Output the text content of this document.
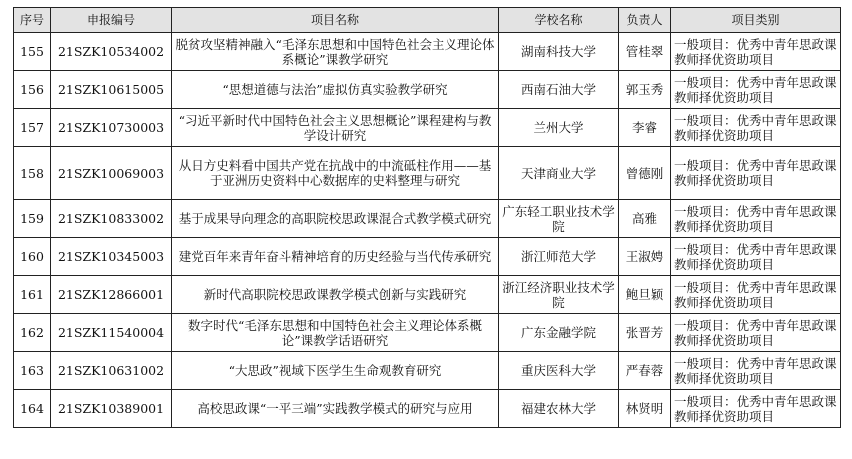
序号	申报编号	项目名称	学校名称	负责人	项目类别
155	21SZK10534002	脱贫攻坚精神融入“毛泽东思想和中国特色社会主义理论体系概论”课教学研究	湖南科技大学	管桂翠	一般项目：优秀中青年思政课教师择优资助项目
156	21SZK10615005	“思想道德与法治”虚拟仿真实验教学研究	西南石油大学	郭玉秀	一般项目：优秀中青年思政课教师择优资助项目
157	21SZK10730003	“习近平新时代中国特色社会主义思想概论”课程建构与教学设计研究	兰州大学	李睿	一般项目：优秀中青年思政课教师择优资助项目
158	21SZK10069003	从日方史料看中国共产党在抗战中的中流砥柱作用——基于亚洲历史资料中心数据库的史料整理与研究	天津商业大学	曾德刚	一般项目：优秀中青年思政课教师择优资助项目
159	21SZK10833002	基于成果导向理念的高职院校思政课混合式教学模式研究	广东轻工职业技术学院	高雅	一般项目：优秀中青年思政课教师择优资助项目
160	21SZK10345003	建党百年来青年奋斗精神培育的历史经验与当代传承研究	浙江师范大学	王淑娉	一般项目：优秀中青年思政课教师择优资助项目
161	21SZK12866001	新时代高职院校思政课教学模式创新与实践研究	浙江经济职业技术学院	鲍旦颖	一般项目：优秀中青年思政课教师择优资助项目
162	21SZK11540004	数字时代“毛泽东思想和中国特色社会主义理论体系概论”课教学话语研究	广东金融学院	张晋芳	一般项目：优秀中青年思政课教师择优资助项目
163	21SZK10631002	“大思政”视域下医学生生命观教育研究	重庆医科大学	严春蓉	一般项目：优秀中青年思政课教师择优资助项目
164	21SZK10389001	高校思政课“一平三端”实践教学模式的研究与应用	福建农林大学	林贤明	一般项目：优秀中青年思政课教师择优资助项目
